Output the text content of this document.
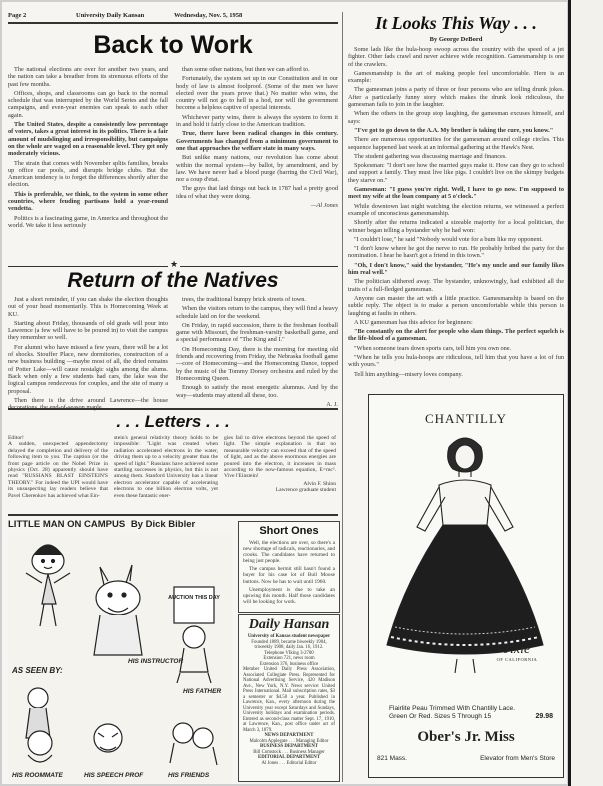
Page 2	University Daily Kansan	Wednesday, Nov. 5, 1958
Back to Work

The national elections are over for another two years, and the nation can take a breather from its strenuous efforts of the past few months.

Offices, shops, and classrooms can go back to the normal schedule that was interrupted by the World Series and the fall campaigns, and even-year enemies can speak to each other again.

The United States, despite a consistently low percentage of voters, takes a great interest in its politics. There is a fair amount of mudslinging and irresponsibility, but campaigns on the whole are waged on a reasonable level. They get only moderately vicious.

The strain that comes with November splits families, breaks up office car pools, and disrupts bridge clubs. But the American tendency is to forget the differences shortly after the election.

This is preferable, we think, to the system in some other countries, where feuding partisans hold a year-round vendetta.

Politics is a fascinating game, in America and throughout the world. We take it less seriously

than some other nations, but then we can afford to.

Fortunately, the system set up in our Constitution and in our body of law is almost foolproof. (Some of the men we have elected over the years prove that.) No matter who wins, the country will not go to hell in a hod, nor will the government become a helpless captive of special interests.

Whichever party wins, there is always the system to form it in and hold it fairly close to the American tradition.

True, there have been radical changes in this century. Governments has changed from a minimum government to one that approaches the welfare state in many ways.

But unlike many nations, our revolution has come about within the normal system—by ballot, by amendment, and by law. We have never had a blood purge (barring the Civil War), nor a coup d'etat.

The guys that laid things out back in 1787 had a pretty good idea of what they were doing.

—Al Jones
★
Return of the Natives

Just a short reminder, if you can shake the election thoughts out of your head momentarily. This is Homecoming Week at KU.

Starting about Friday, thousands of old grads will pour into Lawrence (a few will have to be poured in) to visit the campus they remember so well.

For alumni who have missed a few years, there will be a lot of shocks. Stouffer Place, new dormitories, construction of a new business building —maybe most of all, the dried remains of Potter Lake—will cause nostalgic sighs among the alums. Back when only a few students had cars, the lake was the logical campus rendezvous for couples, and the site of many a proposal.

Then there is the drive around Lawrence—the house

trees, the traditional bumpy brick streets of town.

When the visitors return to the campus, they will find a heavy schedule laid on for the weekend.

On Friday, in rapid succession, there is the freshman football game with Missouri, the freshman-varsity basketball game, and a special performance of "The King and I."

On Homecoming Day, there is the morning for meeting old friends and recovering from Friday, the Nebraska football game—core of Homecoming—and the Homecoming Dance, topped by the music of the Tommy Dorsey orchestra and ruled by the Homecoming Queen.

Enough to satisfy the most energetic alumnus. And by the way—students may attend all these, too.

A. J.
. . . Letters . . .
Editor!
A sudden, unexpected appendectomy delayed the completion and delivery of the following item to you. The caption (or the front page article on the Nobel Prize in physics (Oct. 28) apparently should have read "RUSSIANS BLAST EINSTEIN'S THEORY." For indeed the UPI would have its unsuspecting lay readers believe that Pavel Cherenkov has achieved what Ein-
stein's general relativity theory holds to be impossible: "Light was created when radiation accelerated electrons in the water, driving them up to a velocity greater than the speed of light." Russians have achieved some startling successes in physics, but this is not among them. Stanford University has a linear electron accelerator capable of accelerating electrons to one billion electron volts, yet even these fantastic ener-
gies fail to drive electrons beyond the speed of light. The simple explanation is that no measurable velocity can exceed that of the speed of light, and as the above enormous energies are poured into the electron, it increases in mass according to the now-famous equation, E=mc². Vive l'Einstein!
Alvin F. Shinn
Lawrence graduate student
LITTLE MAN ON CAMPUS By Dick Bibler
HIS INSTRUCTOR
AUCTION THIS DAY
HIS FATHER
AS SEEN BY:
HIS ROOMMATE	HIS SPEECH PROF	HIS FRIENDS
Short Ones

Well, the elections are over, so there's a new shortage of radicals, reactionaries, and crooks. The candidates have returned to being just people.

The campus hermit still hasn't found a buyer for his case lot of Bull Moose buttons. Now he has to wait until 1960.

Unemployment is due to take an upswing this month. Half those candidates will be looking for work.

Daily Hansan
University of Kansas student newspaper
Founded 1889, became biweekly 1904,
triweekly 1908, daily Jan. 16, 1912.
Telephone VIking 3-2700
Extension 721, news room
Extension 376, business office
Member United Daily Press Association, Associated Collegiate Press. Represented for National Advertising Service, 420 Madison Ave., New York, N.Y. News service: United Press International. Mail subscription rates, $3 a semester or $4.50 a year. Published in Lawrence, Kan., every afternoon during the University year except Saturdays and Sundays, University holidays and examination periods. Entered as second-class matter Sept. 17, 1910, at Lawrence, Kan., post office under act of March 3, 1879.
NEWS DEPARTMENT
Malcolm Applegate . . . Managing Editor
BUSINESS DEPARTMENT
Bill Comstock . . . Business Manager
EDITORIAL DEPARTMENT
Al Jones . . . Editorial Editor
It Looks This Way . . .
By George DeBord

Some lads like the hula-hoop swoop across the country with the speed of a jet fighter. Other fads crawl and never achieve wide recognition. Gamesmanship is one of the crawlers.

Gamesmanship is the art of making people feel uncomfortable. Here is an example:

The gamesman joins a party of three or four persons who are telling drunk jokes. After a particularly funny story which makes the drunk look ridiculous, the gamesman fails to join in the laughter.

When the others in the group stop laughing, the gamesman excuses himself, and says:

"I've got to go down to the A.A. My brother is taking the cure, you know."

There are numerous opportunities for the gamesman around college circles. This sequence happened last week at an informal gathering at the Hawk's Nest.

The student gathering was discussing marriage and finances.

Spokesman: "I don't see how the married guys make it. How can they go to school and support a family. They must live like pigs. I couldn't live on the skimpy budgets they starve on."

Gamesman: "I guess you're right. Well, I have to go now. I'm supposed to meet my wife at the loan company at 5 o'clock."

While downtown last night watching the election returns, we witnessed a perfect example of unconscious gamesmanship.

Shortly after the returns indicated a sizeable majority for a local politician, the winner began telling a bystander why he had won:

"I couldn't lose," he said "Nobody would vote for a bum like my opponent.

"I don't know where he got the nerve to run. He probably bribed the party for the nomination. I hear he hasn't got a friend in this town."

"Oh, I don't know," said the bystander, "He's my uncle and our family likes him real well."

The politician slithered away. The bystander, unknowingly, had exhibited all the traits of a full-fledged gamesman.

Anyone can master the art with a little practice. Gamesmanship is based on the subtle reply. The object is to make a person uncomfortable while this person is laughing at faults in others.

A KU gamesman has this advice for beginners:

"Be constantly on the alert for people who slam things. The perfect squelch is the life-blood of a gamesman.

"When someone tears down sports cars, tell him you own one.

"When he tells you hula-hoops are ridiculous, tell him that you have a lot of fun with yours."

Tell him anything—misery loves company.

CHANTILLY
Jixie
OF CALIFORNIA
Flairlite Peau Trimmed With Chantilly Lace. Green Or Red. Sizes 5 Through 15	29.98
Ober's Jr. Miss
821 Mass.	Elevator from Men's Store
